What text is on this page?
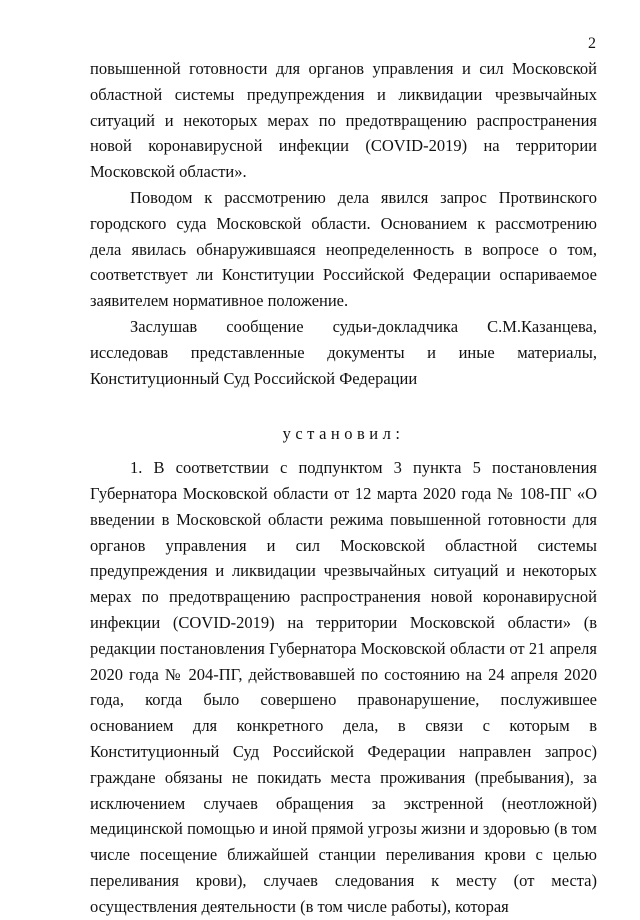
2

повышенной готовности для органов управления и сил Московской областной системы предупреждения и ликвидации чрезвычайных ситуаций и некоторых мерах по предотвращению распространения новой коронавирусной инфекции (COVID-2019) на территории Московской области».

Поводом к рассмотрению дела явился запрос Протвинского городского суда Московской области. Основанием к рассмотрению дела явилась обнаружившаяся неопределенность в вопросе о том, соответствует ли Конституции Российской Федерации оспариваемое заявителем нормативное положение.

Заслушав сообщение судьи-докладчика С.М.Казанцева, исследовав представленные документы и иные материалы, Конституционный Суд Российской Федерации

установил:

1. В соответствии с подпунктом 3 пункта 5 постановления Губернатора Московской области от 12 марта 2020 года № 108-ПГ «О введении в Московской области режима повышенной готовности для органов управления и сил Московской областной системы предупреждения и ликвидации чрезвычайных ситуаций и некоторых мерах по предотвращению распространения новой коронавирусной инфекции (COVID-2019) на территории Московской области» (в редакции постановления Губернатора Московской области от 21 апреля 2020 года № 204-ПГ, действовавшей по состоянию на 24 апреля 2020 года, когда было совершено правонарушение, послужившее основанием для конкретного дела, в связи с которым в Конституционный Суд Российской Федерации направлен запрос) граждане обязаны не покидать места проживания (пребывания), за исключением случаев обращения за экстренной (неотложной) медицинской помощью и иной прямой угрозы жизни и здоровью (в том числе посещение ближайшей станции переливания крови с целью переливания крови), случаев следования к месту (от места) осуществления деятельности (в том числе работы), которая
